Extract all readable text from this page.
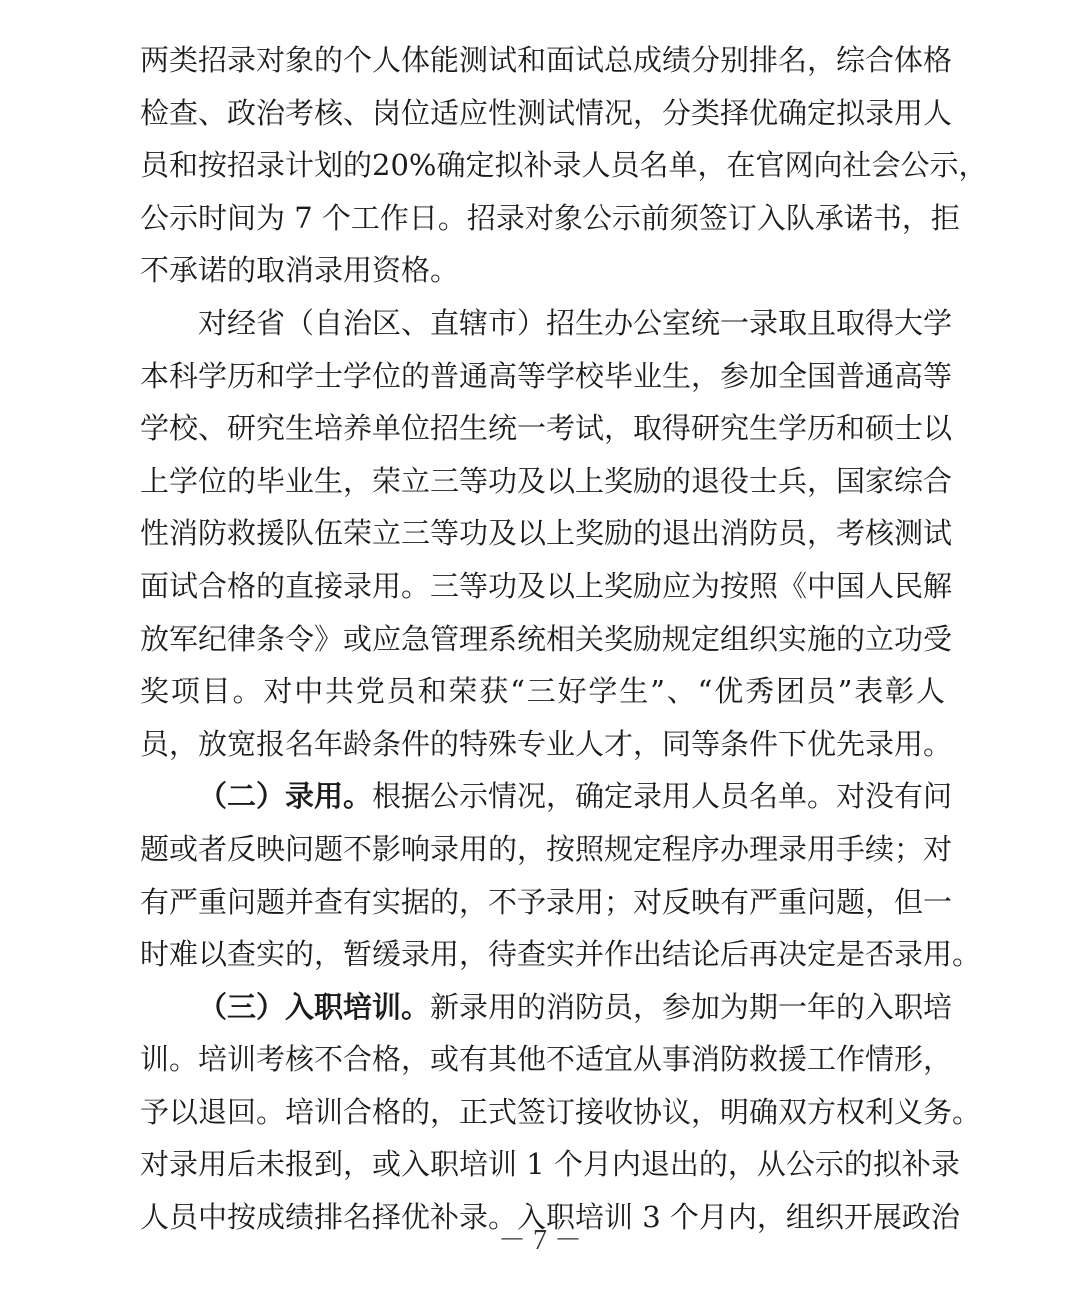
两类招录对象的个人体能测试和面试总成绩分别排名，综合体格
检查、政治考核、岗位适应性测试情况，分类择优确定拟录用人
员和按招录计划的20%确定拟补录人员名单，在官网向社会公示，
公示时间为 7 个工作日。招录对象公示前须签订入队承诺书，拒
不承诺的取消录用资格。
对经省（自治区、直辖市）招生办公室统一录取且取得大学
本科学历和学士学位的普通高等学校毕业生，参加全国普通高等
学校、研究生培养单位招生统一考试，取得研究生学历和硕士以
上学位的毕业生，荣立三等功及以上奖励的退役士兵，国家综合
性消防救援队伍荣立三等功及以上奖励的退出消防员，考核测试
面试合格的直接录用。三等功及以上奖励应为按照《中国人民解
放军纪律条令》或应急管理系统相关奖励规定组织实施的立功受
奖项目。对中共党员和荣获“三好学生”、“优秀团员”表彰人
员，放宽报名年龄条件的特殊专业人才，同等条件下优先录用。
（二）录用。根据公示情况，确定录用人员名单。对没有问
题或者反映问题不影响录用的，按照规定程序办理录用手续；对
有严重问题并查有实据的，不予录用；对反映有严重问题，但一
时难以查实的，暂缓录用，待查实并作出结论后再决定是否录用。
（三）入职培训。新录用的消防员，参加为期一年的入职培
训。培训考核不合格，或有其他不适宜从事消防救援工作情形，
予以退回。培训合格的，正式签订接收协议，明确双方权利义务。
对录用后未报到，或入职培训 1 个月内退出的，从公示的拟补录
人员中按成绩排名择优补录。入职培训 3 个月内，组织开展政治
－ 7 －
